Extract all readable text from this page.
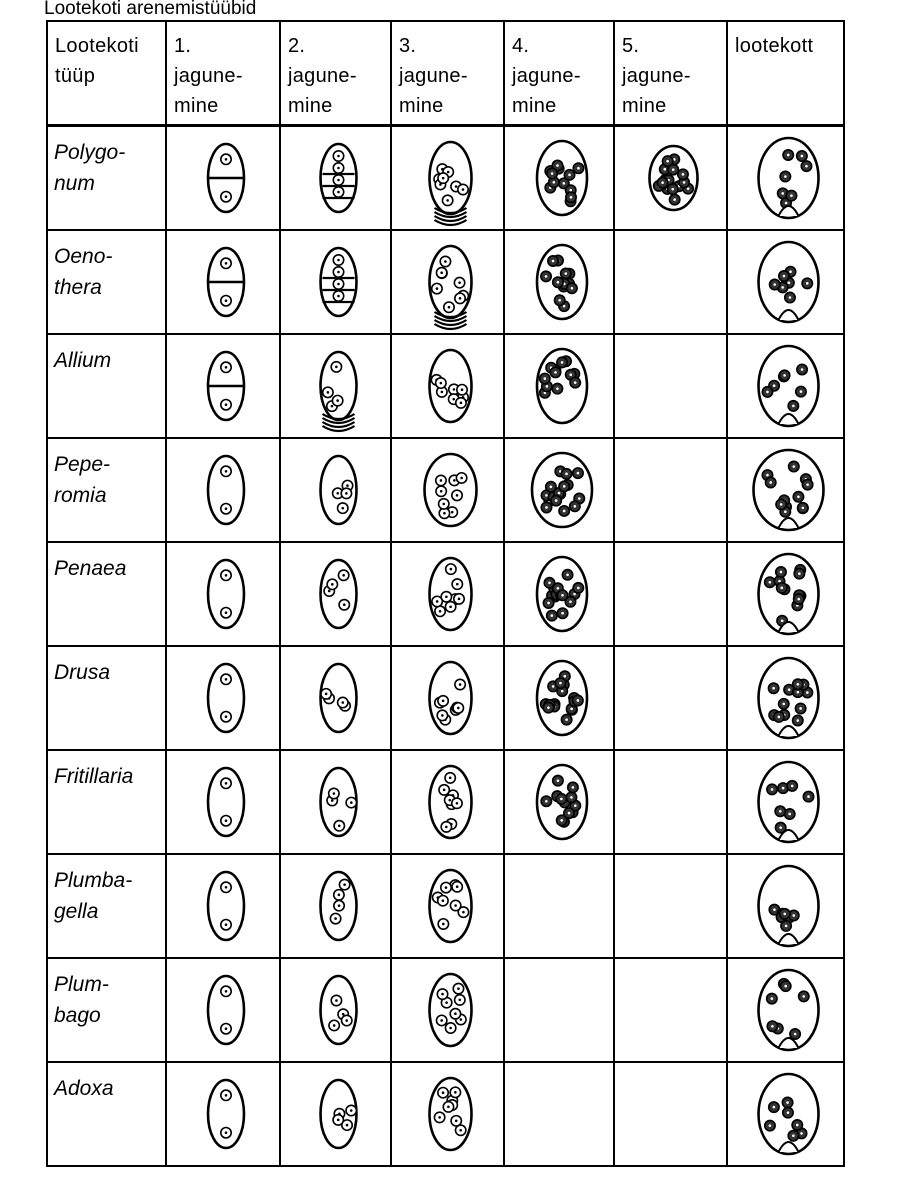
Lootekoti arenemistüübid
Lootekoti
tüüp	1.
jagune-
mine	2.
jagune-
mine	3.
jagune-
mine	4.
jagune-
mine	5.
jagune-
mine	lootekott

Polygo-
num

Oeno-
thera

Allium

Pepe-
romia

Penaea

Drusa

Fritillaria

Plumba-
gella

Plum-
bago

Adoxa
